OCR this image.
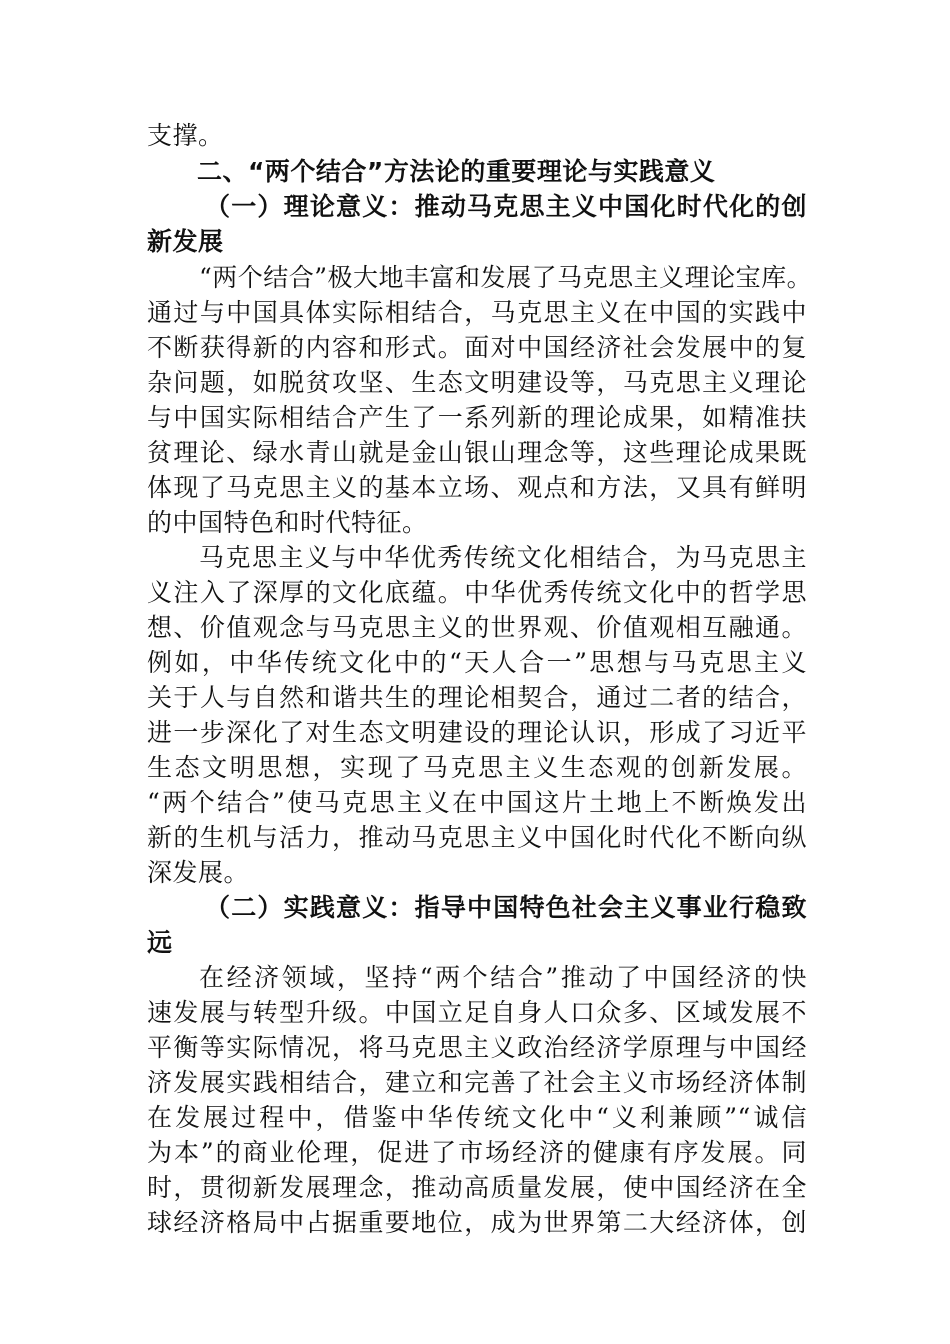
支撑。
二、“两个结合”方法论的重要理论与实践意义
（一）理论意义：推动马克思主义中国化时代化的创
新发展
“两个结合”极大地丰富和发展了马克思主义理论宝库。
通过与中国具体实际相结合，马克思主义在中国的实践中
不断获得新的内容和形式。面对中国经济社会发展中的复
杂问题，如脱贫攻坚、生态文明建设等，马克思主义理论
与中国实际相结合产生了一系列新的理论成果，如精准扶
贫理论、绿水青山就是金山银山理念等，这些理论成果既
体现了马克思主义的基本立场、观点和方法，又具有鲜明
的中国特色和时代特征。
马克思主义与中华优秀传统文化相结合，为马克思主
义注入了深厚的文化底蕴。中华优秀传统文化中的哲学思
想、价值观念与马克思主义的世界观、价值观相互融通。
例如，中华传统文化中的“天人合一”思想与马克思主义
关于人与自然和谐共生的理论相契合，通过二者的结合，
进一步深化了对生态文明建设的理论认识，形成了习近平
生态文明思想，实现了马克思主义生态观的创新发展。
“两个结合”使马克思主义在中国这片土地上不断焕发出
新的生机与活力，推动马克思主义中国化时代化不断向纵
深发展。
（二）实践意义：指导中国特色社会主义事业行稳致
远
在经济领域，坚持“两个结合”推动了中国经济的快
速发展与转型升级。中国立足自身人口众多、区域发展不
平衡等实际情况，将马克思主义政治经济学原理与中国经
济发展实践相结合，建立和完善了社会主义市场经济体制
在发展过程中，借鉴中华传统文化中“义利兼顾”“诚信
为本”的商业伦理，促进了市场经济的健康有序发展。同
时，贯彻新发展理念，推动高质量发展，使中国经济在全
球经济格局中占据重要地位，成为世界第二大经济体，创
